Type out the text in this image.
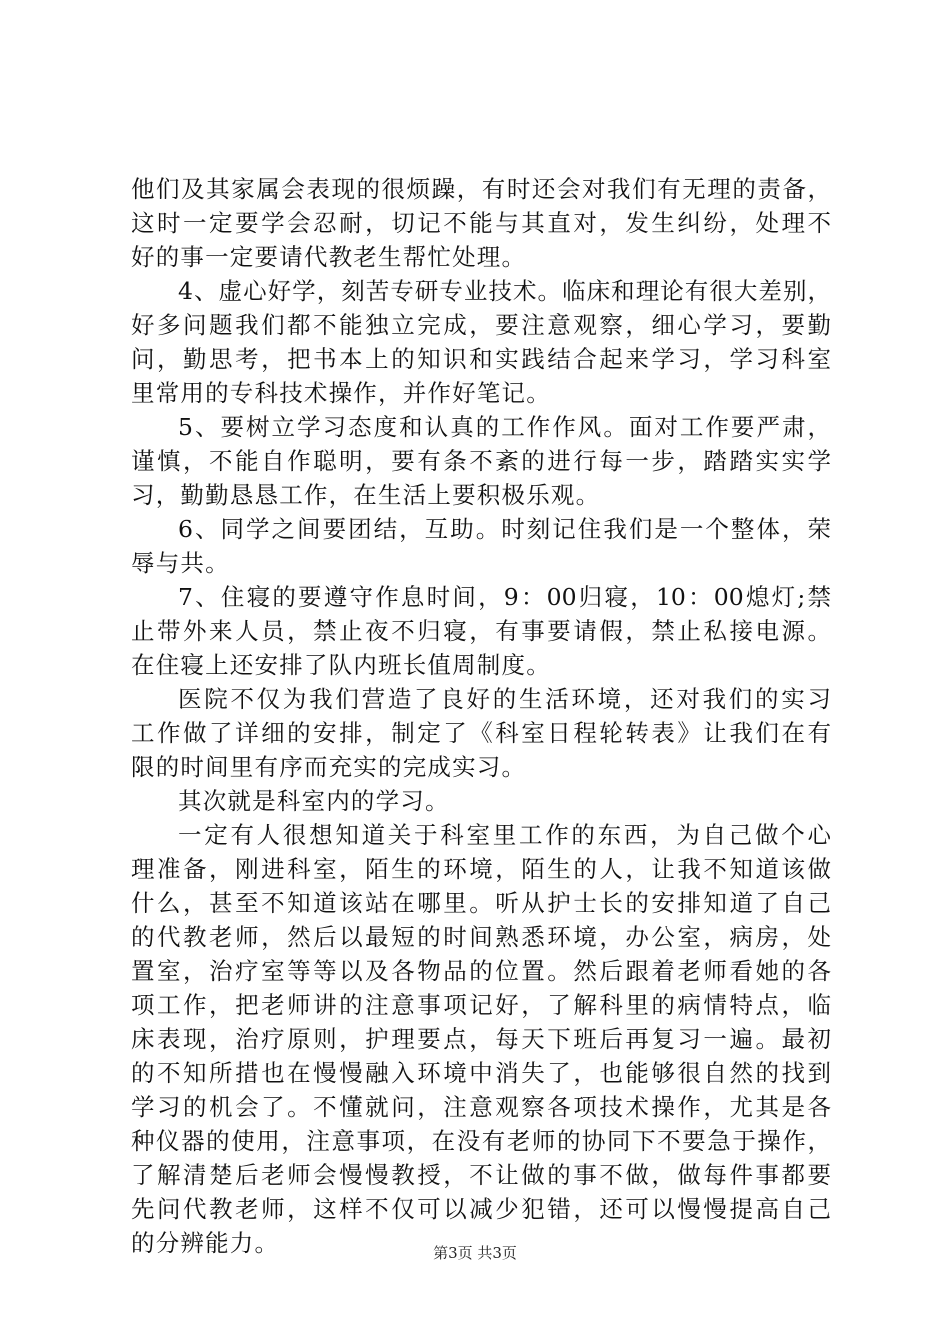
他们及其家属会表现的很烦躁，有时还会对我们有无理的责备，
这时一定要学会忍耐，切记不能与其直对，发生纠纷，处理不
好的事一定要请代教老生帮忙处理。
4、虚心好学，刻苦专研专业技术。临床和理论有很大差别，
好多问题我们都不能独立完成，要注意观察，细心学习，要勤
问，勤思考，把书本上的知识和实践结合起来学习，学习科室
里常用的专科技术操作，并作好笔记。
5、要树立学习态度和认真的工作作风。面对工作要严肃，
谨慎，不能自作聪明，要有条不紊的进行每一步，踏踏实实学
习，勤勤恳恳工作，在生活上要积极乐观。
6、同学之间要团结，互助。时刻记住我们是一个整体，荣
辱与共。
7、住寝的要遵守作息时间，9：00归寝，10：00熄灯;禁
止带外来人员，禁止夜不归寝，有事要请假，禁止私接电源。
在住寝上还安排了队内班长值周制度。
医院不仅为我们营造了良好的生活环境，还对我们的实习
工作做了详细的安排，制定了《科室日程轮转表》让我们在有
限的时间里有序而充实的完成实习。
其次就是科室内的学习。
一定有人很想知道关于科室里工作的东西，为自己做个心
理准备，刚进科室，陌生的环境，陌生的人，让我不知道该做
什么，甚至不知道该站在哪里。听从护士长的安排知道了自己
的代教老师，然后以最短的时间熟悉环境，办公室，病房，处
置室，治疗室等等以及各物品的位置。然后跟着老师看她的各
项工作，把老师讲的注意事项记好，了解科里的病情特点，临
床表现，治疗原则，护理要点，每天下班后再复习一遍。最初
的不知所措也在慢慢融入环境中消失了，也能够很自然的找到
学习的机会了。不懂就问，注意观察各项技术操作，尤其是各
种仪器的使用，注意事项，在没有老师的协同下不要急于操作，
了解清楚后老师会慢慢教授，不让做的事不做，做每件事都要
先问代教老师，这样不仅可以减少犯错，还可以慢慢提高自己
的分辨能力。	第3页 共3页
